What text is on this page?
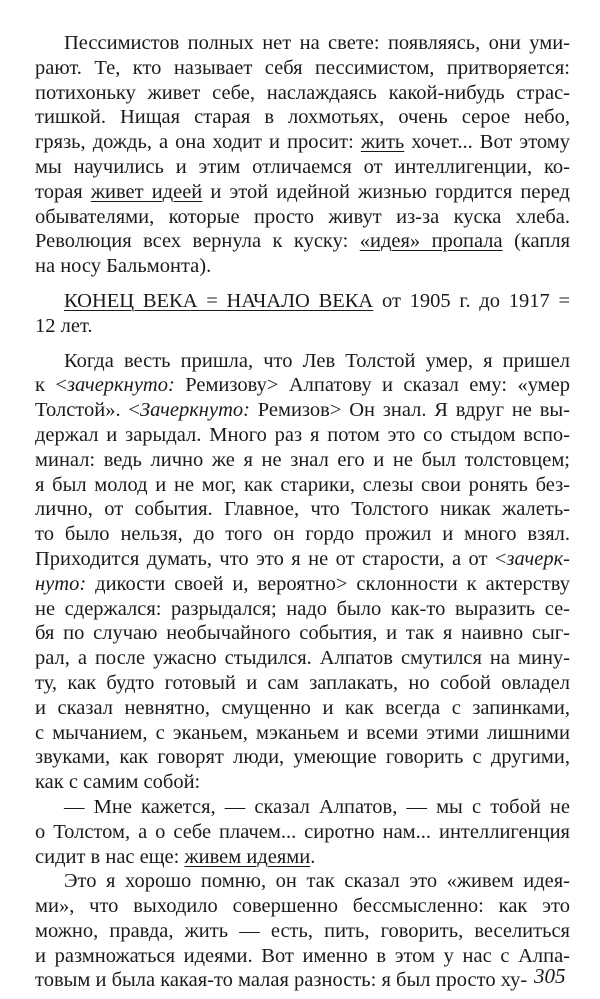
Пессимистов полных нет на свете: появляясь, они уми-
рают. Те, кто называет себя пессимистом, притворяется:
потихоньку живет себе, наслаждаясь какой-нибудь страс-
тишкой. Нищая старая в лохмотьях, очень серое небо,
грязь, дождь, а она ходит и просит: жить хочет... Вот этому
мы научились и этим отличаемся от интеллигенции, ко-
торая живет идеей и этой идейной жизнью гордится перед
обывателями, которые просто живут из-за куска хлеба.
Революция всех вернула к куску: «идея» пропала (капля
на носу Бальмонта).
КОНЕЦ ВЕКА = НАЧАЛО ВЕКА от 1905 г. до 1917 =
12 лет.
Когда весть пришла, что Лев Толстой умер, я пришел
к <зачеркнуто: Ремизову> Алпатову и сказал ему: «умер
Толстой». <Зачеркнуто: Ремизов> Он знал. Я вдруг не вы-
держал и зарыдал. Много раз я потом это со стыдом вспо-
минал: ведь лично же я не знал его и не был толстовцем;
я был молод и не мог, как старики, слезы свои ронять без-
лично, от события. Главное, что Толстого никак жалеть-
то было нельзя, до того он гордо прожил и много взял.
Приходится думать, что это я не от старости, а от <зачерк-
нуто: дикости своей и, вероятно> склонности к актерству
не сдержался: разрыдался; надо было как-то выразить се-
бя по случаю необычайного события, и так я наивно сыг-
рал, а после ужасно стыдился. Алпатов смутился на мину-
ту, как будто готовый и сам заплакать, но собой овладел
и сказал невнятно, смущенно и как всегда с запинками,
с мычанием, с эканьем, мэканьем и всеми этими лишними
звуками, как говорят люди, умеющие говорить с другими,
как с самим собой:
— Мне кажется, — сказал Алпатов, — мы с тобой не
о Толстом, а о себе плачем... сиротно нам... интеллигенция
сидит в нас еще: живем идеями.
Это я хорошо помню, он так сказал это «живем идея-
ми», что выходило совершенно бессмысленно: как это
можно, правда, жить — есть, пить, говорить, веселиться
и размножаться идеями. Вот именно в этом у нас с Алпа-
товым и была какая-то малая разность: я был просто ху- 305
